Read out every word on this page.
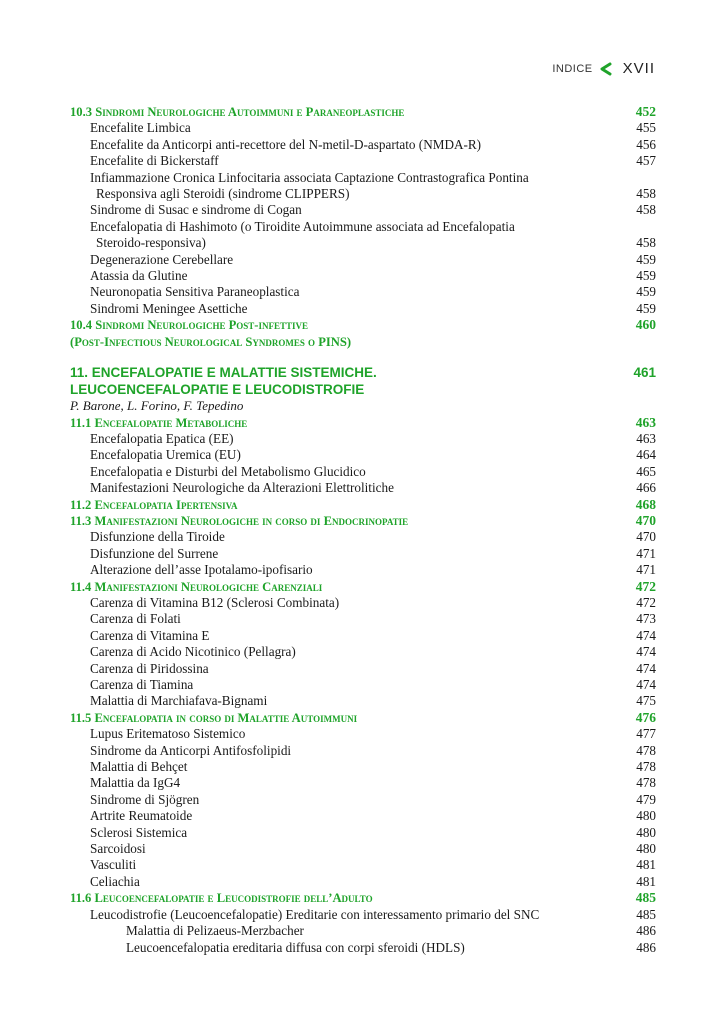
INDICE XVII
10.3 Sindromi Neurologiche Autoimmuni e Paraneoplastiche	452
Encefalite Limbica	455
Encefalite da Anticorpi anti-recettore del N-metil-D-aspartato (NMDA-R)	456
Encefalite di Bickerstaff	457
Infiammazione Cronica Linfocitaria associata Captazione Contrastografica Pontina
Responsiva agli Steroidi (sindrome CLIPPERS)	458
Sindrome di Susac e sindrome di Cogan	458
Encefalopatia di Hashimoto (o Tiroidite Autoimmune associata ad Encefalopatia
Steroido-responsiva)	458
Degenerazione Cerebellare	459
Atassia da Glutine	459
Neuronopatia Sensitiva Paraneoplastica	459
Sindromi Meningee Asettiche	459
10.4 Sindromi Neurologiche Post-infettive	460
(Post-Infectious Neurological Syndromes o PINS)
11. ENCEFALOPATIE E MALATTIE SISTEMICHE.	461
LEUCOENCEFALOPATIE E LEUCODISTROFIE
P. Barone, L. Forino, F. Tepedino
11.1 Encefalopatie Metaboliche	463
Encefalopatia Epatica (EE)	463
Encefalopatia Uremica (EU)	464
Encefalopatia e Disturbi del Metabolismo Glucidico	465
Manifestazioni Neurologiche da Alterazioni Elettrolitiche	466
11.2 Encefalopatia Ipertensiva	468
11.3 Manifestazioni Neurologiche in corso di Endocrinopatie	470
Disfunzione della Tiroide	470
Disfunzione del Surrene	471
Alterazione dell’asse Ipotalamo-ipofisario	471
11.4 Manifestazioni Neurologiche Carenziali	472
Carenza di Vitamina B12 (Sclerosi Combinata)	472
Carenza di Folati	473
Carenza di Vitamina E	474
Carenza di Acido Nicotinico (Pellagra)	474
Carenza di Piridossina	474
Carenza di Tiamina	474
Malattia di Marchiafava-Bignami	475
11.5 Encefalopatia in corso di Malattie Autoimmuni	476
Lupus Eritematoso Sistemico	477
Sindrome da Anticorpi Antifosfolipidi	478
Malattia di Behçet	478
Malattia da IgG4	478
Sindrome di Sjögren	479
Artrite Reumatoide	480
Sclerosi Sistemica	480
Sarcoidosi	480
Vasculiti	481
Celiachia	481
11.6 Leucoencefalopatie e Leucodistrofie dell’Adulto	485
Leucodistrofie (Leucoencefalopatie) Ereditarie con interessamento primario del SNC	485
Malattia di Pelizaeus-Merzbacher	486
Leucoencefalopatia ereditaria diffusa con corpi sferoidi (HDLS)	486
